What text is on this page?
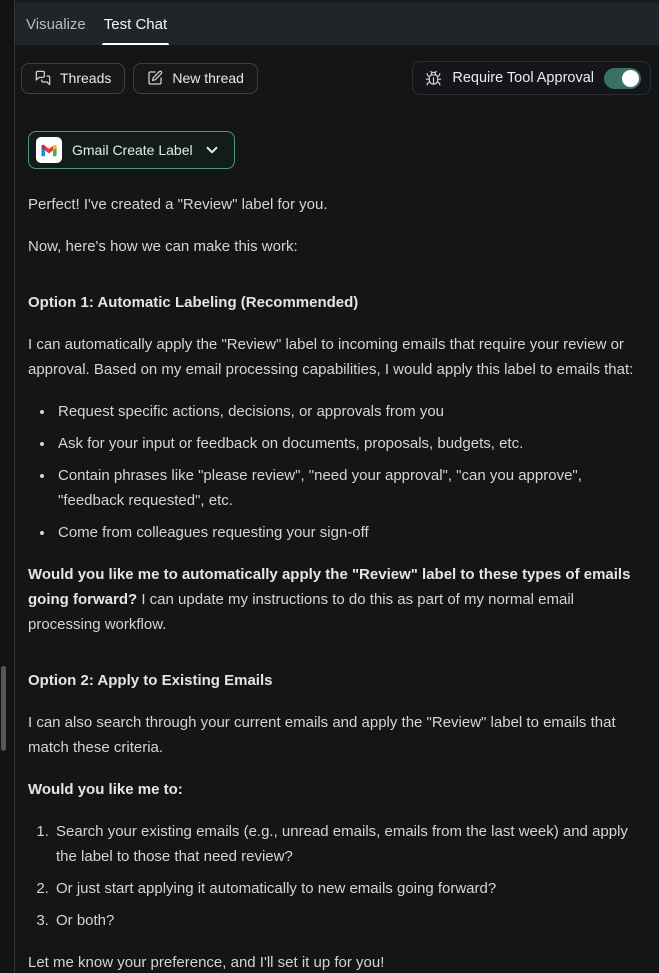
Visualize Test Chat
Threads	New thread	Require Tool Approval
Gmail Create Label

Perfect! I've created a "Review" label for you.

Now, here's how we can make this work:

Option 1: Automatic Labeling (Recommended)

I can automatically apply the "Review" label to incoming emails that require your review or approval. Based on my email processing capabilities, I would apply this label to emails that:

• Request specific actions, decisions, or approvals from you
• Ask for your input or feedback on documents, proposals, budgets, etc.
• Contain phrases like "please review", "need your approval", "can you approve", "feedback requested", etc.
• Come from colleagues requesting your sign-off

Would you like me to automatically apply the "Review" label to these types of emails going forward? I can update my instructions to do this as part of my normal email processing workflow.

Option 2: Apply to Existing Emails

I can also search through your current emails and apply the "Review" label to emails that match these criteria.

Would you like me to:

1. Search your existing emails (e.g., unread emails, emails from the last week) and apply the label to those that need review?
2. Or just start applying it automatically to new emails going forward?
3. Or both?

Let me know your preference, and I'll set it up for you!
